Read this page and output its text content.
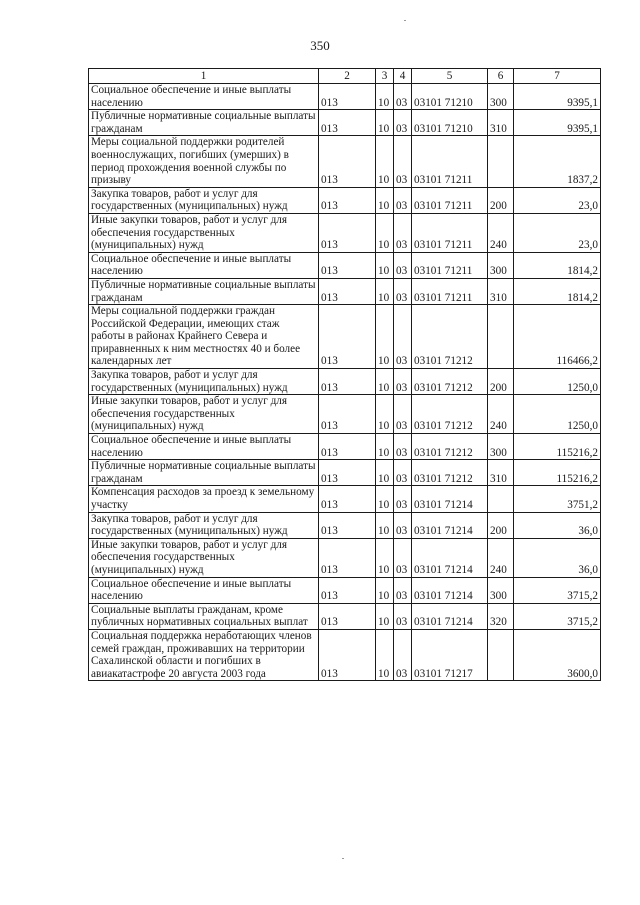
350
1	2	3	4	5	6	7
Социальное обеспечение и иные выплаты населению	013	10	03	03101 71210	300	9395,1
Публичные нормативные социальные выплаты гражданам	013	10	03	03101 71210	310	9395,1
Меры социальной поддержки родителей военнослужащих, погибших (умерших) в период прохождения военной службы по призыву	013	10	03	03101 71211		1837,2
Закупка товаров, работ и услуг для государственных (муниципальных) нужд	013	10	03	03101 71211	200	23,0
Иные закупки товаров, работ и услуг для обеспечения государственных (муниципальных) нужд	013	10	03	03101 71211	240	23,0
Социальное обеспечение и иные выплаты населению	013	10	03	03101 71211	300	1814,2
Публичные нормативные социальные выплаты гражданам	013	10	03	03101 71211	310	1814,2
Меры социальной поддержки граждан Российской Федерации, имеющих стаж работы в районах Крайнего Севера и приравненных к ним местностях 40 и более календарных лет	013	10	03	03101 71212		116466,2
Закупка товаров, работ и услуг для государственных (муниципальных) нужд	013	10	03	03101 71212	200	1250,0
Иные закупки товаров, работ и услуг для обеспечения государственных (муниципальных) нужд	013	10	03	03101 71212	240	1250,0
Социальное обеспечение и иные выплаты населению	013	10	03	03101 71212	300	115216,2
Публичные нормативные социальные выплаты гражданам	013	10	03	03101 71212	310	115216,2
Компенсация расходов за проезд к земельному участку	013	10	03	03101 71214		3751,2
Закупка товаров, работ и услуг для государственных (муниципальных) нужд	013	10	03	03101 71214	200	36,0
Иные закупки товаров, работ и услуг для обеспечения государственных (муниципальных) нужд	013	10	03	03101 71214	240	36,0
Социальное обеспечение и иные выплаты населению	013	10	03	03101 71214	300	3715,2
Социальные выплаты гражданам, кроме публичных нормативных социальных выплат	013	10	03	03101 71214	320	3715,2
Социальная поддержка неработающих членов семей граждан, проживавших на территории Сахалинской области и погибших в авиакатастрофе 20 августа 2003 года	013	10	03	03101 71217		3600,0
